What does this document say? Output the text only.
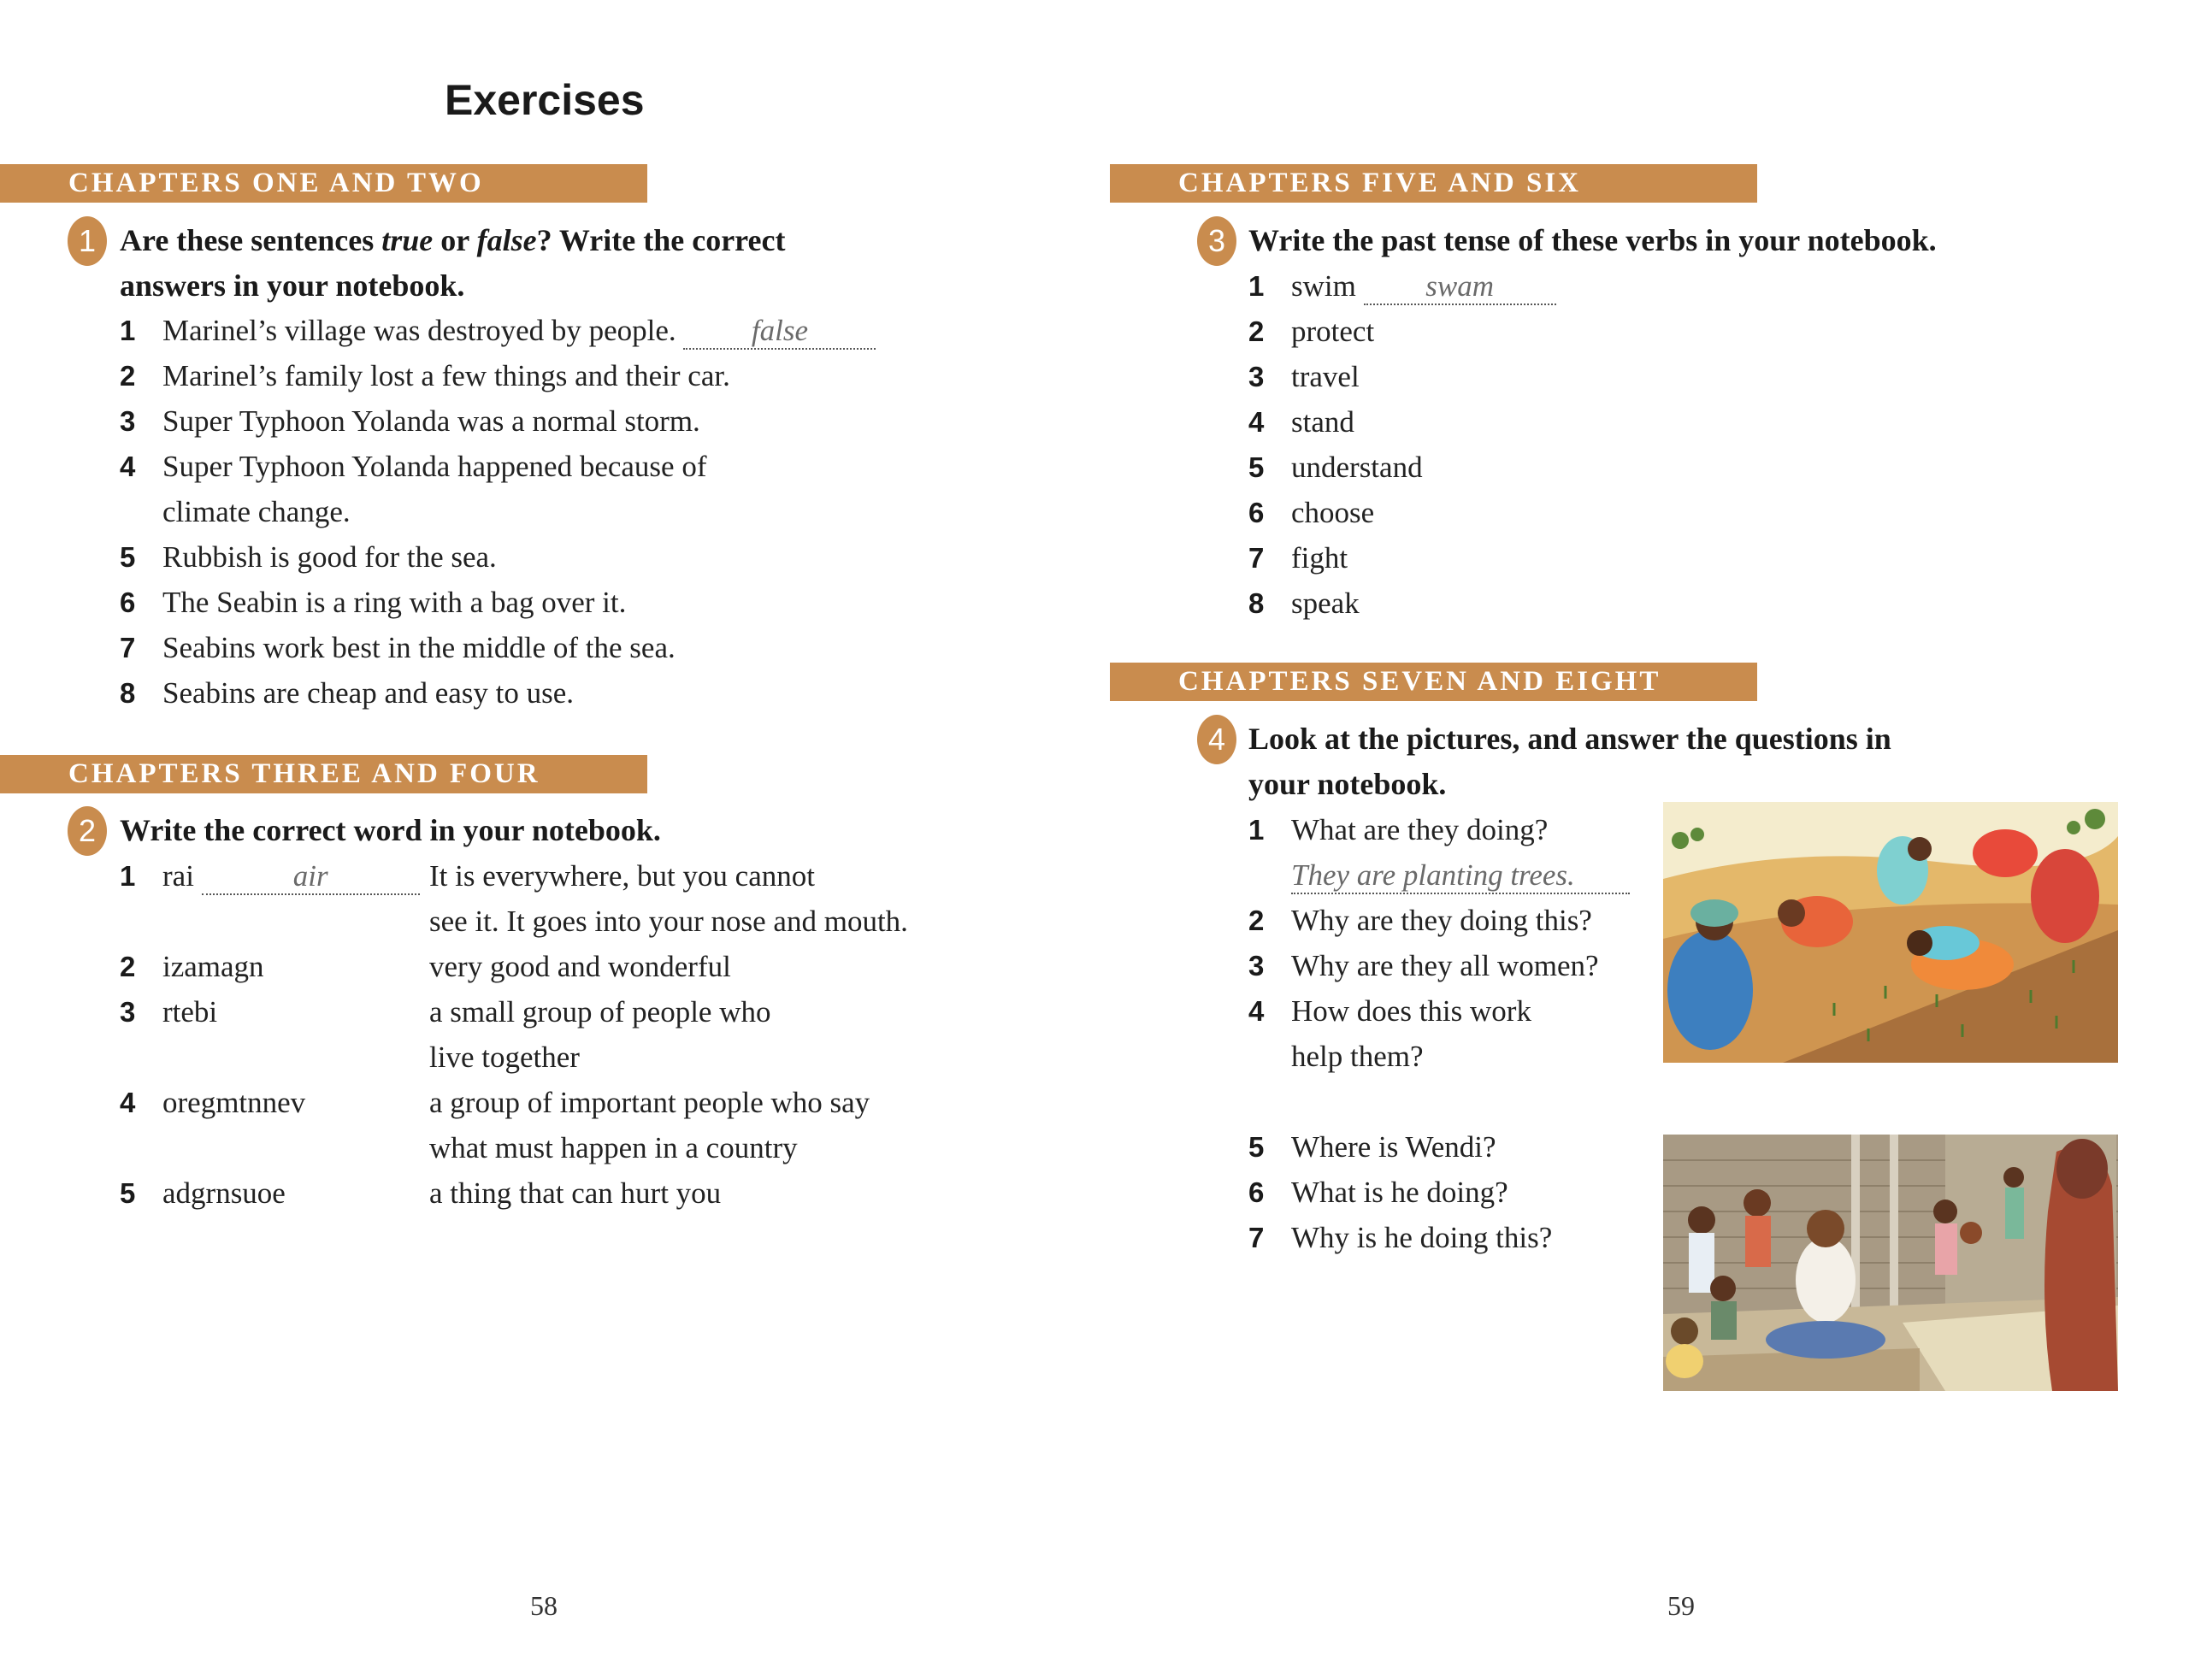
Exercises
CHAPTERS ONE AND TWO
1 Are these sentences true or false? Write the correct
answers in your notebook.
1 Marinel’s village was destroyed by people.	false
2 Marinel’s family lost a few things and their car.
3 Super Typhoon Yolanda was a normal storm.
4 Super Typhoon Yolanda happened because of
climate change.
5 Rubbish is good for the sea.
6 The Seabin is a ring with a bag over it.
7 Seabins work best in the middle of the sea.
8 Seabins are cheap and easy to use.
CHAPTERS THREE AND FOUR
2 Write the correct word in your notebook.
1 rai	air	It is everywhere, but you cannot
see it. It goes into your nose and mouth.
2 izamagn	very good and wonderful
3 rtebi	a small group of people who
live together
4 oregmtnnev	a group of important people who say
what must happen in a country
5 adgrnsuoe	a thing that can hurt you
58
CHAPTERS FIVE AND SIX
3 Write the past tense of these verbs in your notebook.
1 swim swam
2 protect
3 travel
4 stand
5 understand
6 choose
7 fight
8 speak
CHAPTERS SEVEN AND EIGHT
4 Look at the pictures, and answer the questions in
your notebook.
1 What are they doing?
They are planting trees.
2 Why are they doing this?
3 Why are they all women?
4 How does this work
help them?
5 Where is Wendi?
6 What is he doing?
7 Why is he doing this?
59
